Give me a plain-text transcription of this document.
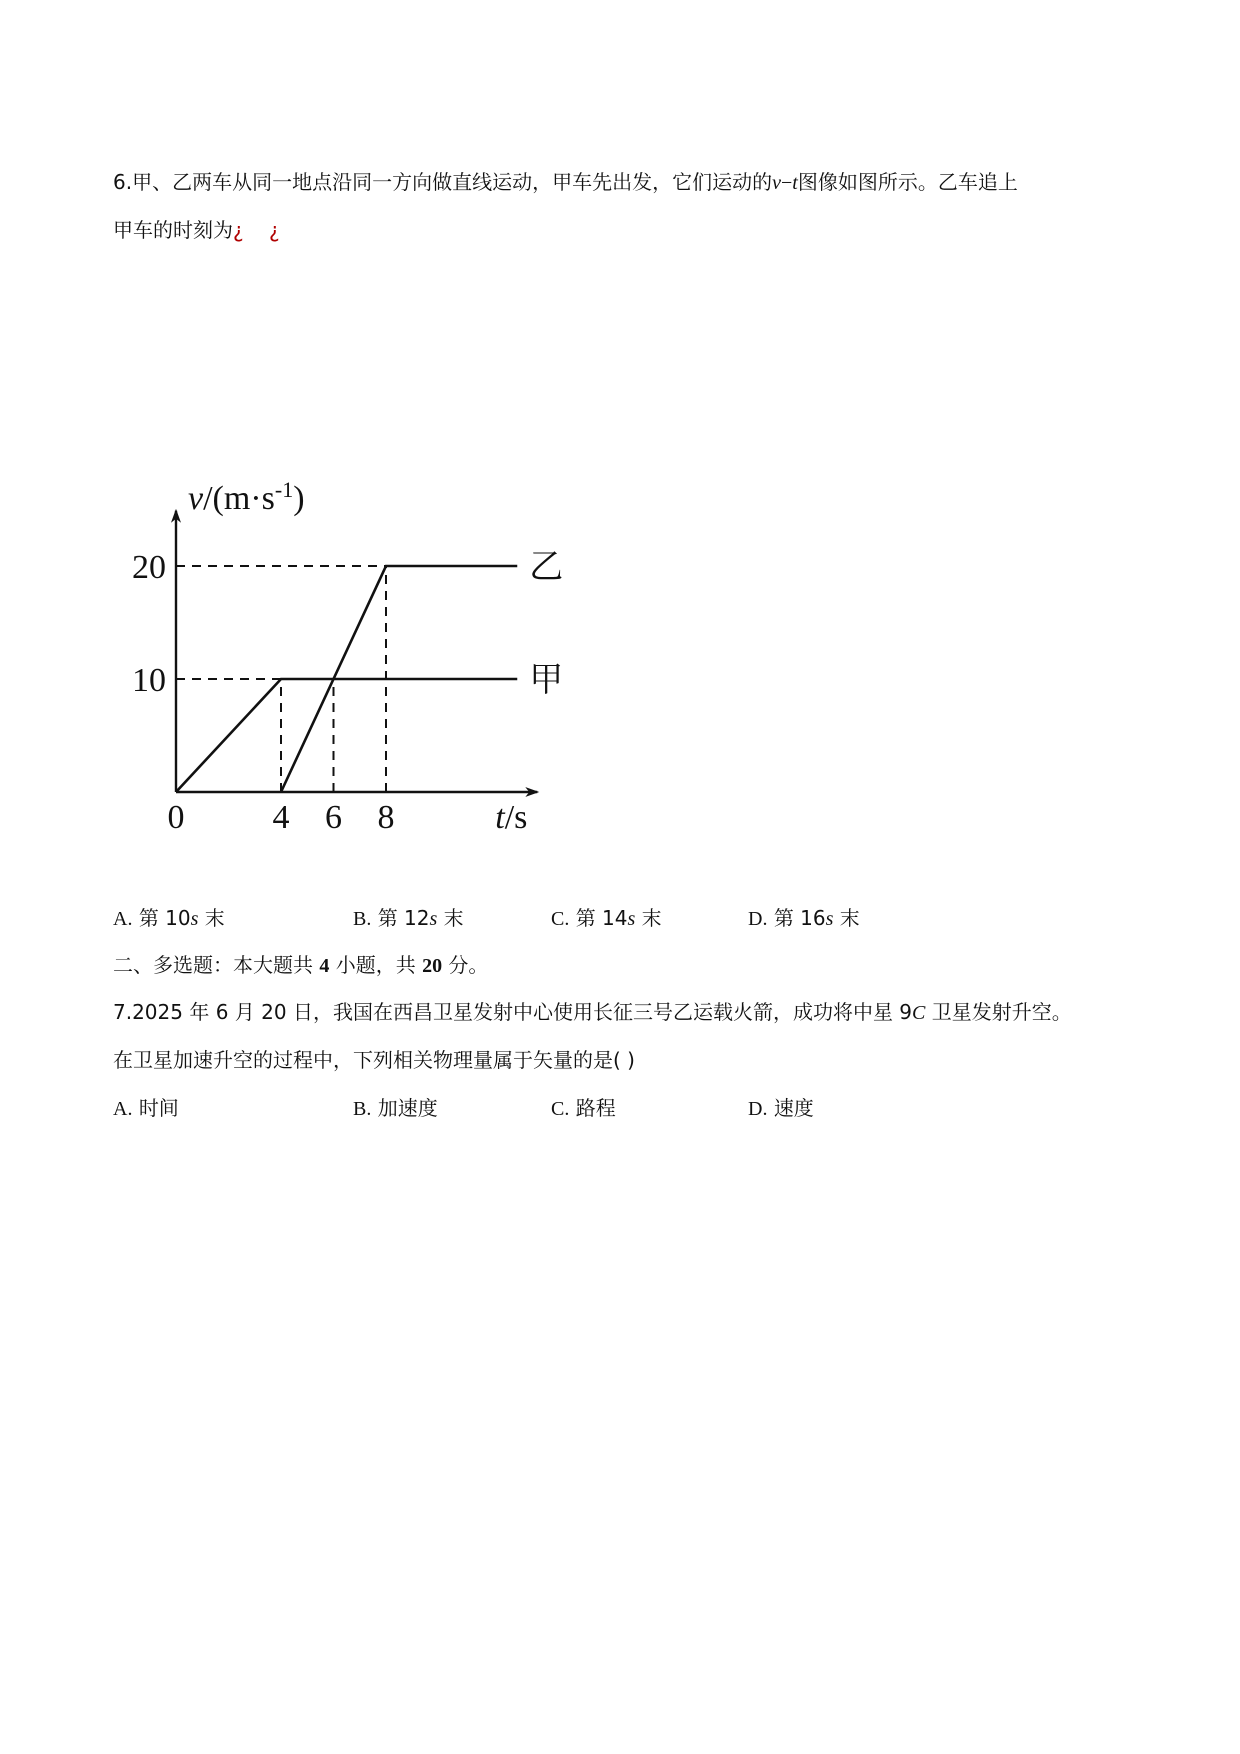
6.甲、乙两车从同一地点沿同一方向做直线运动，甲车先出发，它们运动的v−t图像如图所示。乙车追上
甲车的时刻为¿    ¿
0	4 6 8
10
20
$v/(m\cdot s^{-1})$
t/s
甲
乙
A. 第 10s 末	B. 第 12s 末	C. 第 14s 末	D. 第 16s 末
二、多选题：本大题共 4 小题，共 20 分。
7.2025 年 6 月 20 日，我国在西昌卫星发射中心使用长征三号乙运载火箭，成功将中星 9C 卫星发射升空。
在卫星加速升空的过程中，下列相关物理量属于矢量的是( )
A. 时间	B. 加速度	C. 路程	D. 速度
